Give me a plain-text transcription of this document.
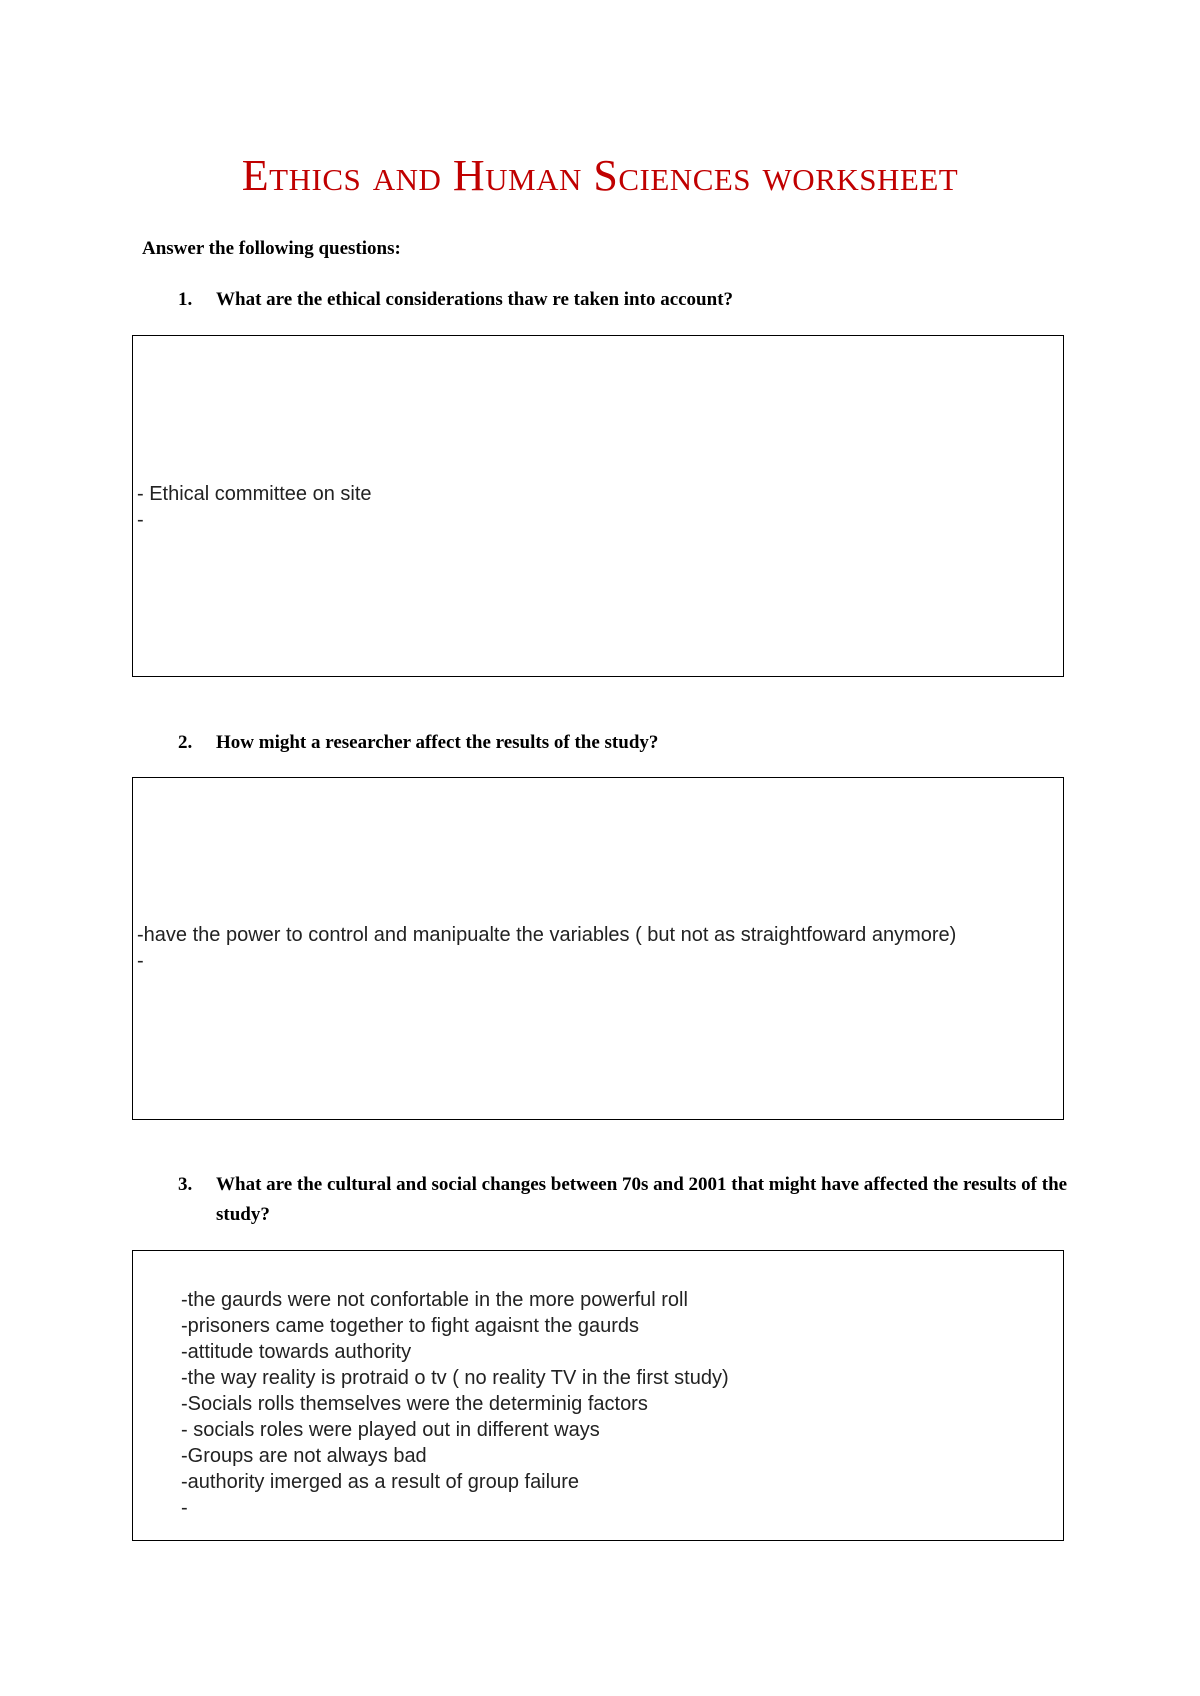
Ethics and Human Sciences worksheet
Answer the following questions:
1.	What are the ethical considerations thaw re taken into account?
- Ethical committee on site
-
2.	How might a researcher affect the results of the study?
-have the power to control and manipualte the variables ( but not as straightfoward anymore)
-
3.	What are the cultural and social changes between 70s and 2001 that might have affected the results of the study?
-the gaurds were not confortable in the more powerful roll
-prisoners came together to fight agaisnt the gaurds
-attitude towards authority
-the way reality is protraid o tv ( no reality TV in the first study)
-Socials rolls themselves were the determinig factors
- socials roles were played out in different ways
-Groups are not always bad
-authority imerged as a result of group failure
-
